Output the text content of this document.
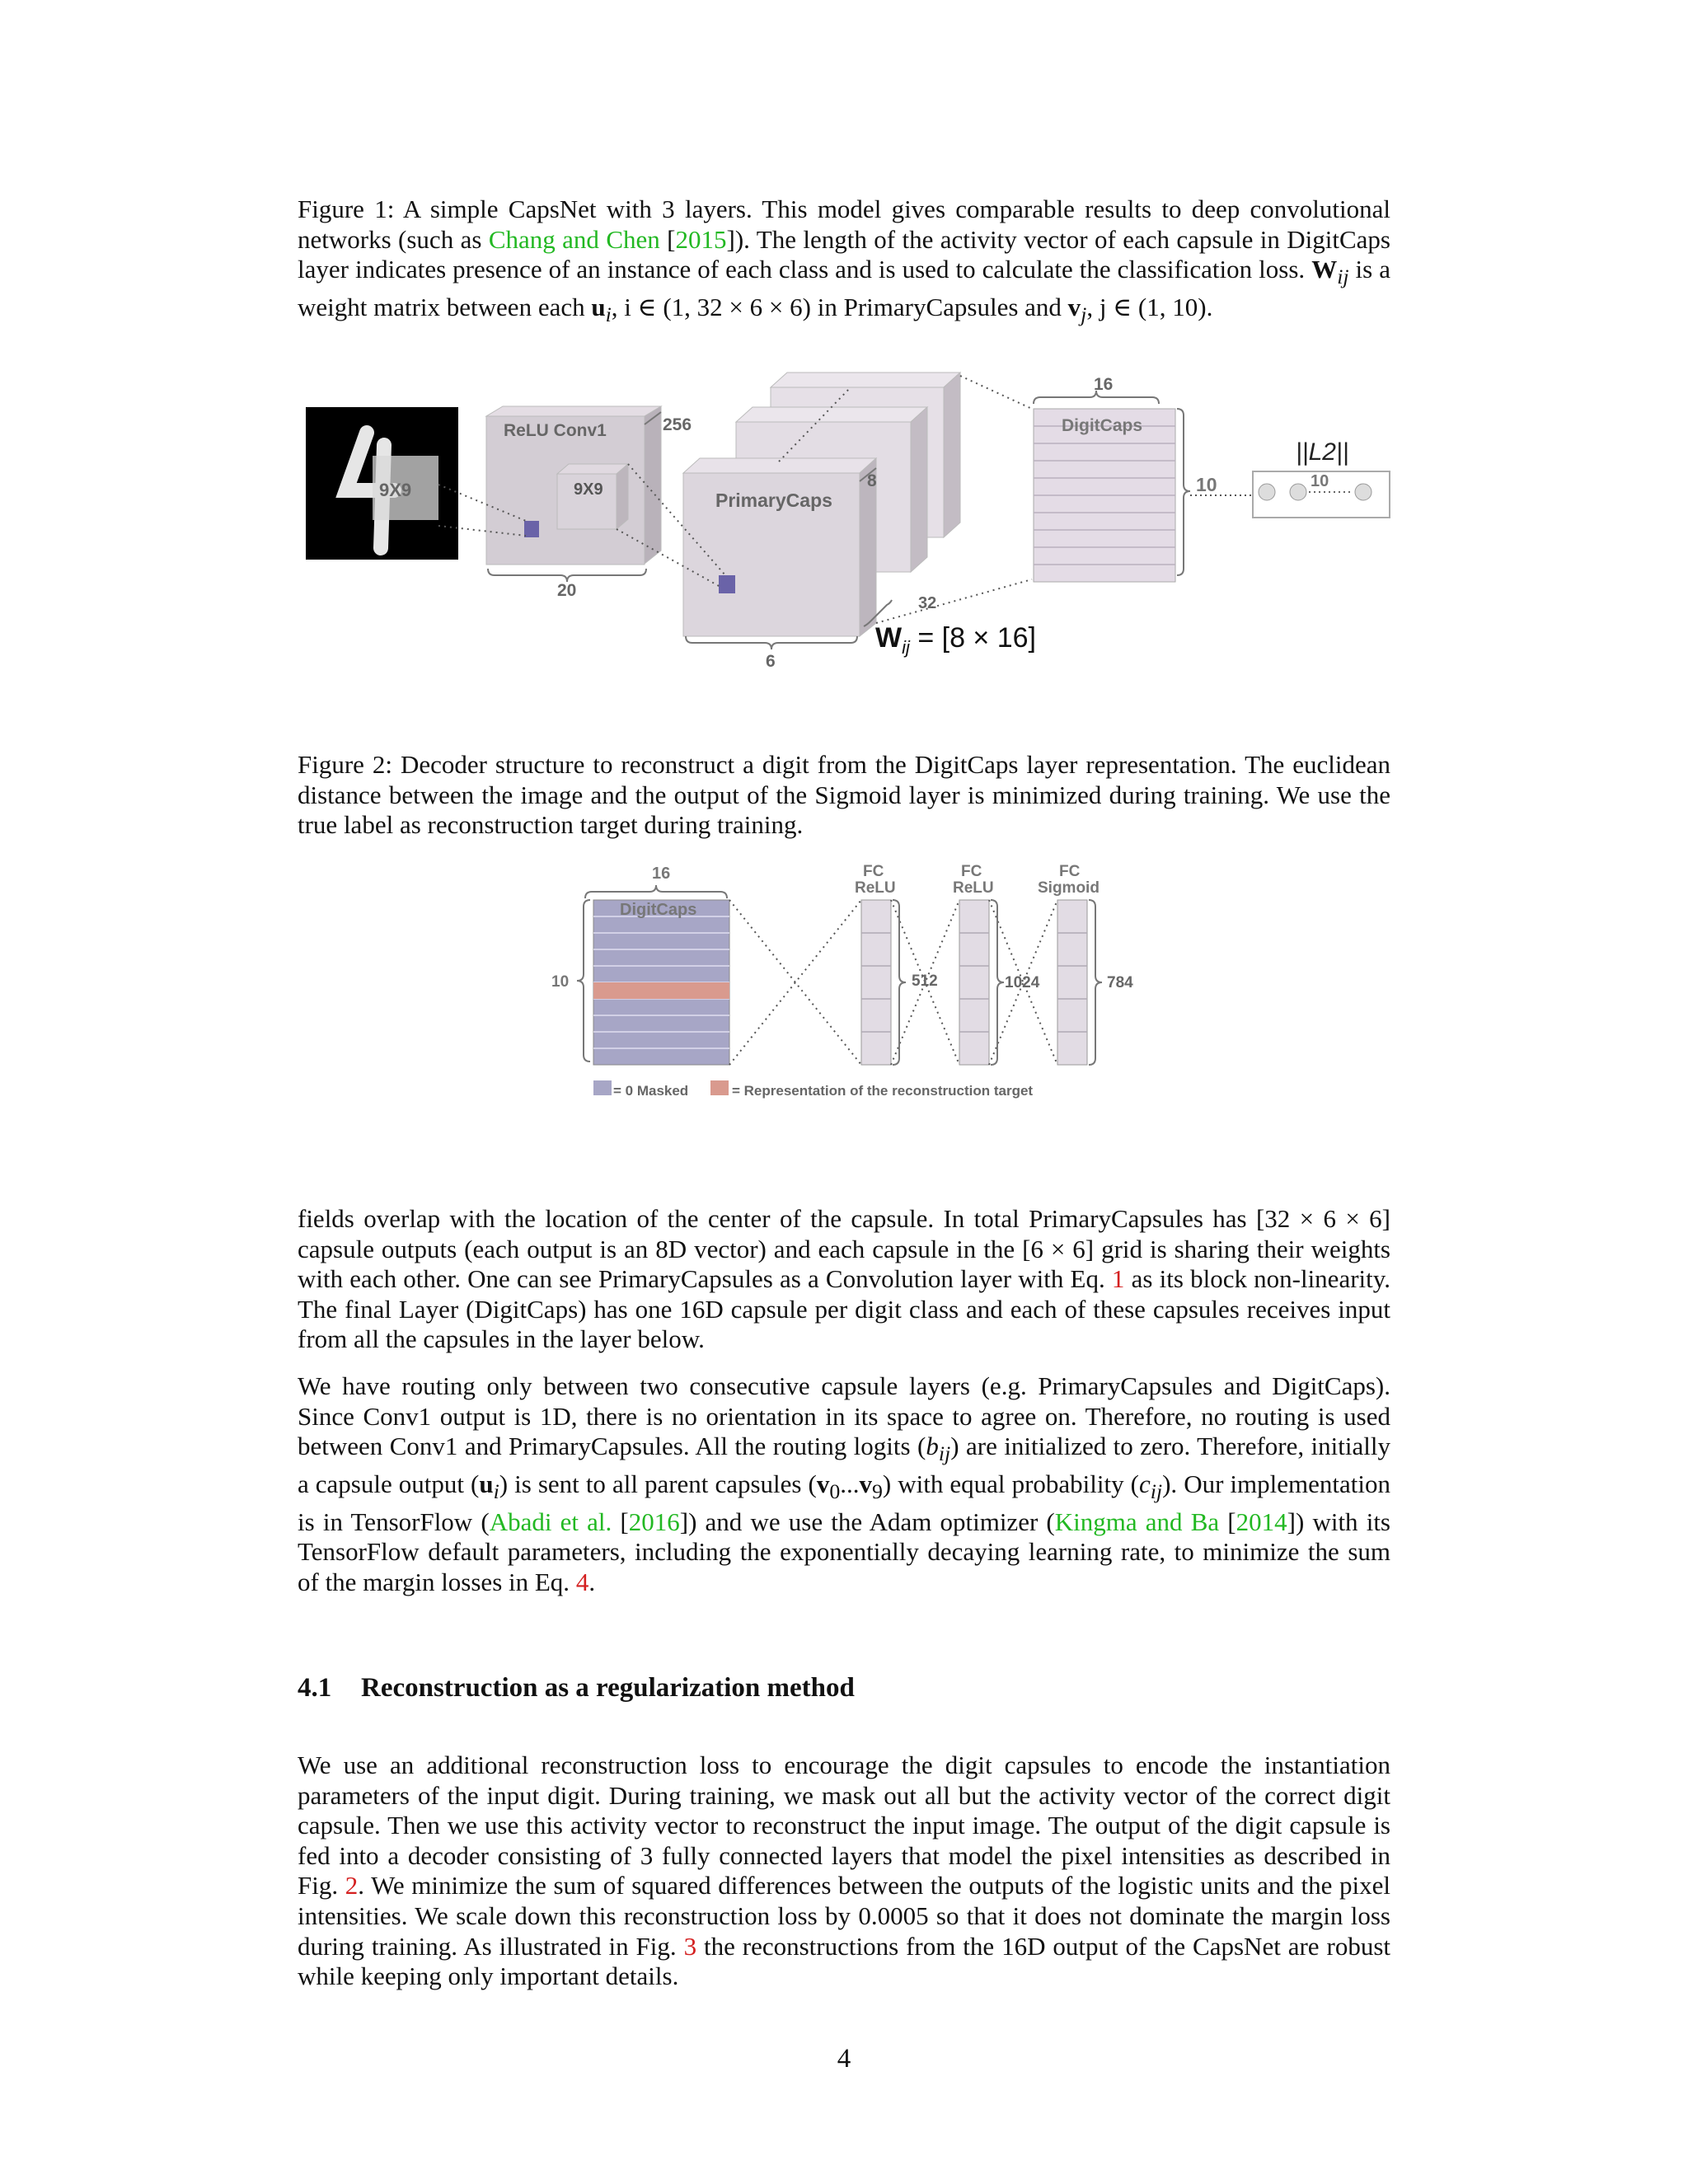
Figure 1: A simple CapsNet with 3 layers. This model gives comparable results to deep convolutional networks (such as Chang and Chen [2015]). The length of the activity vector of each capsule in DigitCaps layer indicates presence of an instance of each class and is used to calculate the classification loss. $W_{ij}$ is a weight matrix between each $u_i$, i ∈ (1, 32 × 6 × 6) in PrimaryCapsules and $v_j$, j ∈ (1, 10).

9X9
ReLU Conv1	256
9X9
20
PrimaryCaps
8
32
6
$W_{ij} = [8 \times 16]$
16
DigitCaps
10
||L2||
10

Figure 2: Decoder structure to reconstruct a digit from the DigitCaps layer representation. The euclidean distance between the image and the output of the Sigmoid layer is minimized during training. We use the true label as reconstruction target during training.

16
DigitCaps
10
FC
ReLU
FC
ReLU
FC
Sigmoid
512	1024	784
= 0 Masked	= Representation of the reconstruction target

fields overlap with the location of the center of the capsule. In total PrimaryCapsules has [32 × 6 × 6] capsule outputs (each output is an 8D vector) and each capsule in the [6 × 6] grid is sharing their weights with each other. One can see PrimaryCapsules as a Convolution layer with Eq. 1 as its block non-linearity. The final Layer (DigitCaps) has one 16D capsule per digit class and each of these capsules receives input from all the capsules in the layer below.

We have routing only between two consecutive capsule layers (e.g. PrimaryCapsules and DigitCaps). Since Conv1 output is 1D, there is no orientation in its space to agree on. Therefore, no routing is used between Conv1 and PrimaryCapsules. All the routing logits $(b_{ij})$ are initialized to zero. Therefore, initially a capsule output $(u_i)$ is sent to all parent capsules $(v_0...v_9)$ with equal probability $(c_{ij})$. Our implementation is in TensorFlow (Abadi et al. [2016]) and we use the Adam optimizer (Kingma and Ba [2014]) with its TensorFlow default parameters, including the exponentially decaying learning rate, to minimize the sum of the margin losses in Eq. 4.

4.1 Reconstruction as a regularization method

We use an additional reconstruction loss to encourage the digit capsules to encode the instantiation parameters of the input digit. During training, we mask out all but the activity vector of the correct digit capsule. Then we use this activity vector to reconstruct the input image. The output of the digit capsule is fed into a decoder consisting of 3 fully connected layers that model the pixel intensities as described in Fig. 2. We minimize the sum of squared differences between the outputs of the logistic units and the pixel intensities. We scale down this reconstruction loss by 0.0005 so that it does not dominate the margin loss during training. As illustrated in Fig. 3 the reconstructions from the 16D output of the CapsNet are robust while keeping only important details.

4
